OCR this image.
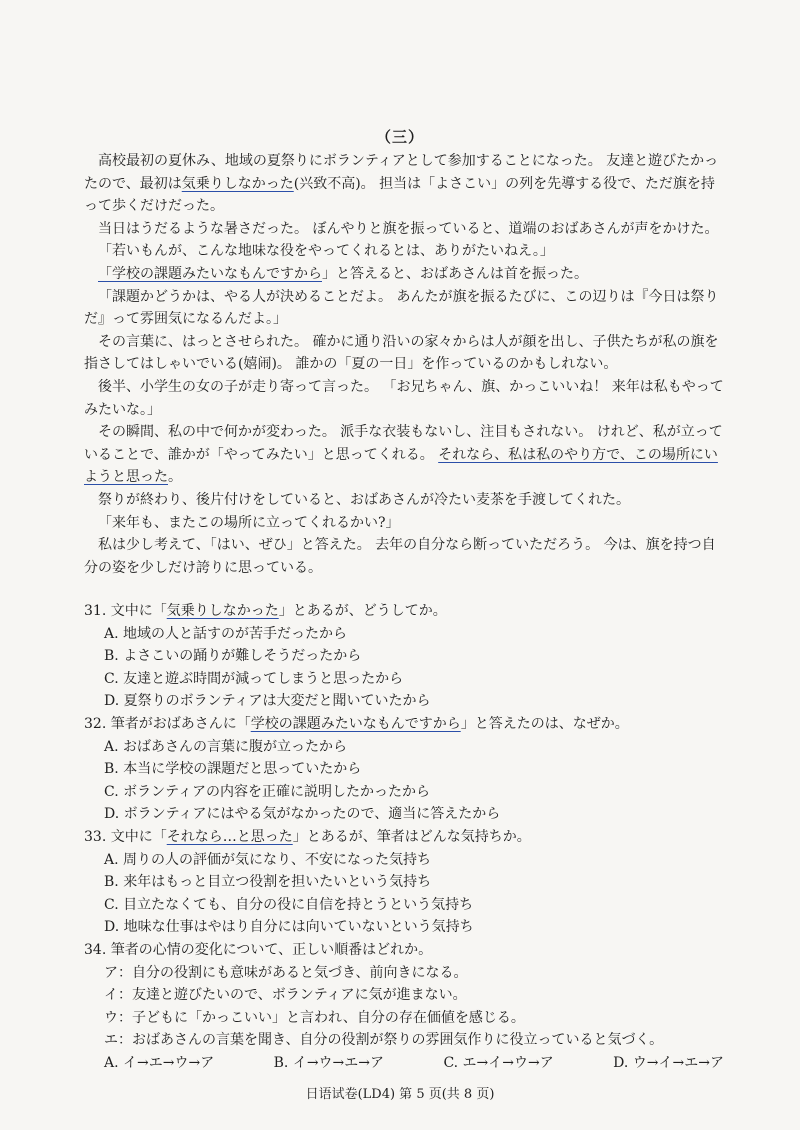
（三）

高校最初の夏休み、地域の夏祭りにボランティアとして参加することになった。 友達と遊びたかったので、最初は気乗りしなかった(兴致不高)。 担当は「よさこい」の列を先導する役で、ただ旗を持って歩くだけだった。

当日はうだるような暑さだった。 ぼんやりと旗を振っていると、道端のおばあさんが声をかけた。

「若いもんが、こんな地味な役をやってくれるとは、ありがたいねえ。」

「学校の課題みたいなもんですから」と答えると、おばあさんは首を振った。

「課題かどうかは、やる人が決めることだよ。 あんたが旗を振るたびに、この辺りは『今日は祭りだ』って雰囲気になるんだよ。」

その言葉に、はっとさせられた。 確かに通り沿いの家々からは人が顔を出し、子供たちが私の旗を指さしてはしゃいでいる(嬉闹)。 誰かの「夏の一日」を作っているのかもしれない。

後半、小学生の女の子が走り寄って言った。 「お兄ちゃん、旗、かっこいいね！ 来年は私もやってみたいな。」

その瞬間、私の中で何かが変わった。 派手な衣装もないし、注目もされない。 けれど、私が立っていることで、誰かが「やってみたい」と思ってくれる。 それなら、私は私のやり方で、この場所にいようと思った。

祭りが終わり、後片付けをしていると、おばあさんが冷たい麦茶を手渡してくれた。

「来年も、またこの場所に立ってくれるかい?」

私は少し考えて、「はい、ぜひ」と答えた。 去年の自分なら断っていただろう。 今は、旗を持つ自分の姿を少しだけ誇りに思っている。

31. 文中に「気乗りしなかった」とあるが、どうしてか。

A. 地域の人と話すのが苦手だったから

B. よさこいの踊りが難しそうだったから

C. 友達と遊ぶ時間が減ってしまうと思ったから

D. 夏祭りのボランティアは大変だと聞いていたから

32. 筆者がおばあさんに「学校の課題みたいなもんですから」と答えたのは、なぜか。

A. おばあさんの言葉に腹が立ったから

B. 本当に学校の課題だと思っていたから

C. ボランティアの内容を正確に説明したかったから

D. ボランティアにはやる気がなかったので、適当に答えたから

33. 文中に「それなら…と思った」とあるが、筆者はどんな気持ちか。

A. 周りの人の評価が気になり、不安になった気持ち

B. 来年はもっと目立つ役割を担いたいという気持ち

C. 目立たなくても、自分の役に自信を持とうという気持ち

D. 地味な仕事はやはり自分には向いていないという気持ち

34. 筆者の心情の変化について、正しい順番はどれか。

ア：自分の役割にも意味があると気づき、前向きになる。

イ：友達と遊びたいので、ボランティアに気が進まない。

ウ：子どもに「かっこいい」と言われ、自分の存在価値を感じる。

エ：おばあさんの言葉を聞き、自分の役割が祭りの雰囲気作りに役立っていると気づく。

A. イ→エ→ウ→ア	B. イ→ウ→エ→ア	C. エ→イ→ウ→ア	D. ウ→イ→エ→ア
日语试卷(LD4) 第 5 页(共 8 页)
